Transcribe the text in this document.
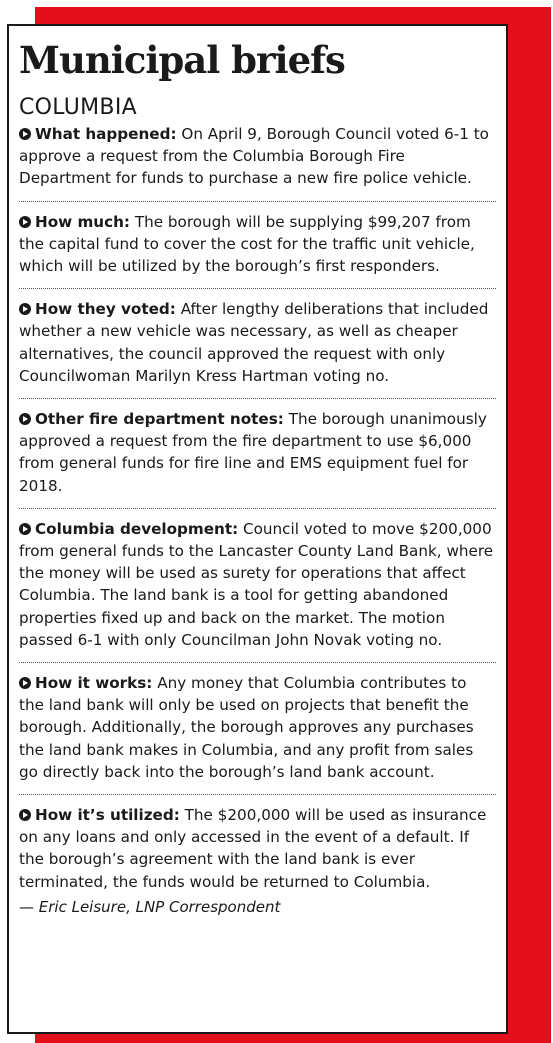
Municipal briefs
COLUMBIA
What happened: On April 9, Borough Council voted 6-1 to approve a request from the Columbia Borough Fire Department for funds to purchase a new fire police vehicle.
How much: The borough will be supplying $99,207 from the capital fund to cover the cost for the traffic unit vehicle, which will be utilized by the borough’s first responders.
How they voted: After lengthy deliberations that included whether a new vehicle was necessary, as well as cheaper alternatives, the council approved the request with only Councilwoman Marilyn Kress Hartman voting no.
Other fire department notes: The borough unanimously approved a request from the fire department to use $6,000 from general funds for fire line and EMS equipment fuel for 2018.
Columbia development: Council voted to move $200,000 from general funds to the Lancaster County Land Bank, where the money will be used as surety for operations that affect Columbia. The land bank is a tool for getting abandoned properties fixed up and back on the market. The motion passed 6-1 with only Councilman John Novak voting no.
How it works: Any money that Columbia contributes to the land bank will only be used on projects that benefit the borough. Additionally, the borough approves any purchases the land bank makes in Columbia, and any profit from sales go directly back into the borough’s land bank account.
How it’s utilized: The $200,000 will be used as insurance on any loans and only accessed in the event of a default. If the borough’s agreement with the land bank is ever terminated, the funds would be returned to Columbia.
— Eric Leisure, LNP Correspondent
